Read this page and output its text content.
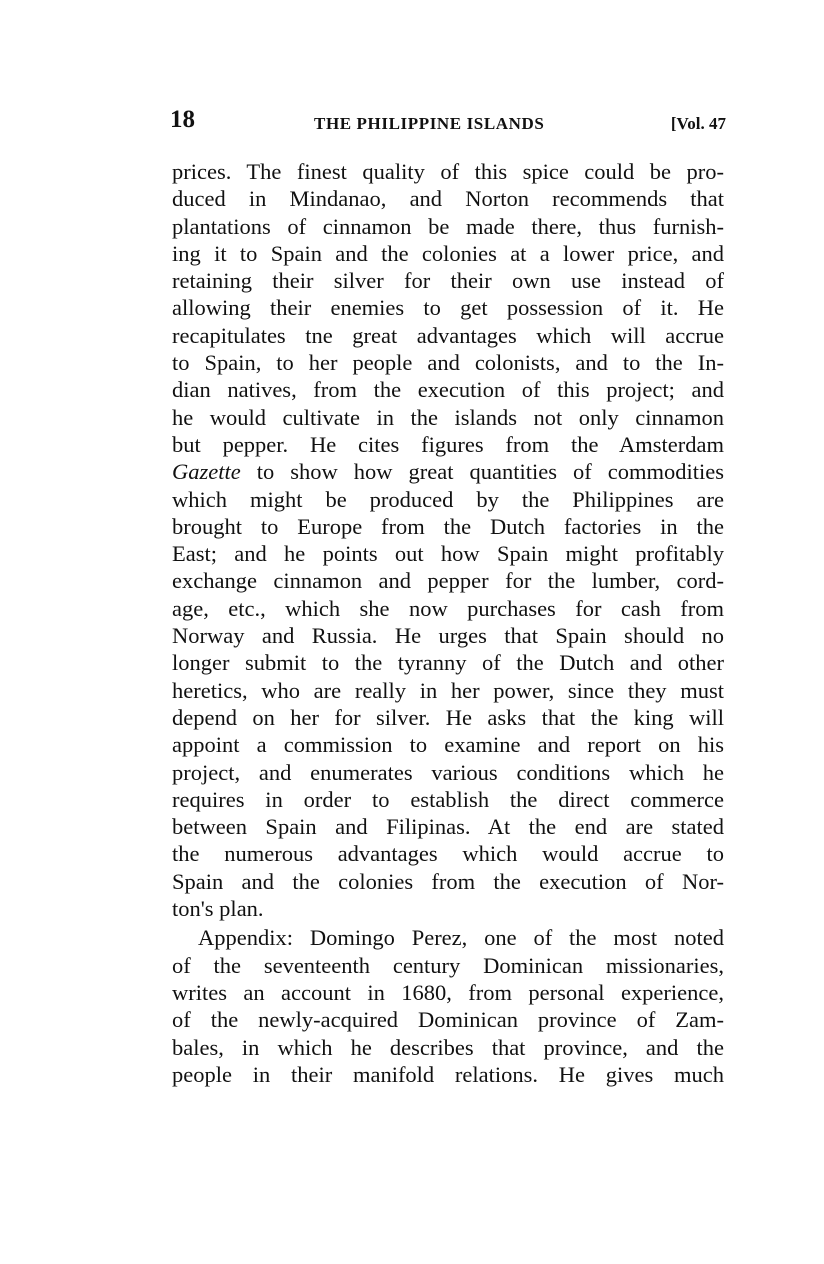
18	THE PHILIPPINE ISLANDS	[Vol. 47
prices. The finest quality of this spice could be pro-
duced in Mindanao, and Norton recommends that
plantations of cinnamon be made there, thus furnish-
ing it to Spain and the colonies at a lower price, and
retaining their silver for their own use instead of
allowing their enemies to get possession of it. He
recapitulates tne great advantages which will accrue
to Spain, to her people and colonists, and to the In-
dian natives, from the execution of this project; and
he would cultivate in the islands not only cinnamon
but pepper. He cites figures from the Amsterdam
Gazette to show how great quantities of commodities
which might be produced by the Philippines are
brought to Europe from the Dutch factories in the
East; and he points out how Spain might profitably
exchange cinnamon and pepper for the lumber, cord-
age, etc., which she now purchases for cash from
Norway and Russia. He urges that Spain should no
longer submit to the tyranny of the Dutch and other
heretics, who are really in her power, since they must
depend on her for silver. He asks that the king will
appoint a commission to examine and report on his
project, and enumerates various conditions which he
requires in order to establish the direct commerce
between Spain and Filipinas. At the end are stated
the numerous advantages which would accrue to
Spain and the colonies from the execution of Nor-
ton's plan.
Appendix: Domingo Perez, one of the most noted
of the seventeenth century Dominican missionaries,
writes an account in 1680, from personal experience,
of the newly-acquired Dominican province of Zam-
bales, in which he describes that province, and the
people in their manifold relations. He gives much
